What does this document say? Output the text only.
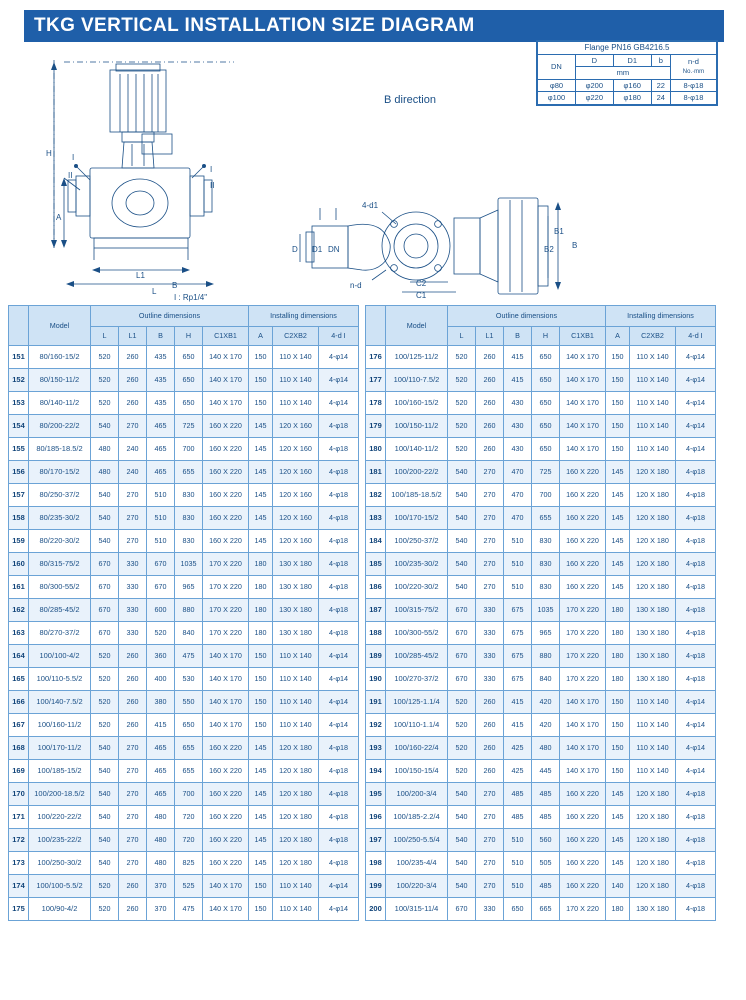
TKG VERTICAL INSTALLATION SIZE DIAGRAM
H
A
L1
L
B
I
II
I
II
B direction
4-d1
n-d
D D1 DN
C2
C1
B2
B1
B
I : Rp1/4"
Flange PN16 GB4216.5				
DN	D	D1	b	n-d
No.·mm
	mm			
φ80	φ200	φ160	22	8-φ18
φ100	φ220	φ180	24	8-φ18
	Model	Outline dimensions					Installing dimensions		
		L	L1	B	H	C1XB1	A	C2XB2	4-d I
151	80/160-15/2	520	260	435	650	140 X 170	150	110 X 140	4-φ14
152	80/150-11/2	520	260	435	650	140 X 170	150	110 X 140	4-φ14
153	80/140-11/2	520	260	435	650	140 X 170	150	110 X 140	4-φ14
154	80/200-22/2	540	270	465	725	160 X 220	145	120 X 160	4-φ18
155	80/185-18.5/2	480	240	465	700	160 X 220	145	120 X 160	4-φ18
156	80/170-15/2	480	240	465	655	160 X 220	145	120 X 160	4-φ18
157	80/250-37/2	540	270	510	830	160 X 220	145	120 X 160	4-φ18
158	80/235-30/2	540	270	510	830	160 X 220	145	120 X 160	4-φ18
159	80/220-30/2	540	270	510	830	160 X 220	145	120 X 160	4-φ18
160	80/315-75/2	670	330	670	1035	170 X 220	180	130 X 180	4-φ18
161	80/300-55/2	670	330	670	965	170 X 220	180	130 X 180	4-φ18
162	80/285-45/2	670	330	600	880	170 X 220	180	130 X 180	4-φ18
163	80/270-37/2	670	330	520	840	170 X 220	180	130 X 180	4-φ18
164	100/100-4/2	520	260	360	475	140 X 170	150	110 X 140	4-φ14
165	100/110-5.5/2	520	260	400	530	140 X 170	150	110 X 140	4-φ14
166	100/140-7.5/2	520	260	380	550	140 X 170	150	110 X 140	4-φ14
167	100/160-11/2	520	260	415	650	140 X 170	150	110 X 140	4-φ14
168	100/170-11/2	540	270	465	655	160 X 220	145	120 X 180	4-φ18
169	100/185-15/2	540	270	465	655	160 X 220	145	120 X 180	4-φ18
170	100/200-18.5/2	540	270	465	700	160 X 220	145	120 X 180	4-φ18
171	100/220-22/2	540	270	480	720	160 X 220	145	120 X 180	4-φ18
172	100/235-22/2	540	270	480	720	160 X 220	145	120 X 180	4-φ18
173	100/250-30/2	540	270	480	825	160 X 220	145	120 X 180	4-φ18
174	100/100-5.5/2	520	260	370	525	140 X 170	150	110 X 140	4-φ14
175	100/90-4/2	520	260	370	475	140 X 170	150	110 X 140	4-φ14
	Model	Outline dimensions					Installing dimensions		
		L	L1	B	H	C1XB1	A	C2XB2	4-d I
176	100/125-11/2	520	260	415	650	140 X 170	150	110 X 140	4-φ14
177	100/110-7.5/2	520	260	415	650	140 X 170	150	110 X 140	4-φ14
178	100/160-15/2	520	260	430	650	140 X 170	150	110 X 140	4-φ14
179	100/150-11/2	520	260	430	650	140 X 170	150	110 X 140	4-φ14
180	100/140-11/2	520	260	430	650	140 X 170	150	110 X 140	4-φ14
181	100/200-22/2	540	270	470	725	160 X 220	145	120 X 180	4-φ18
182	100/185-18.5/2	540	270	470	700	160 X 220	145	120 X 180	4-φ18
183	100/170-15/2	540	270	470	655	160 X 220	145	120 X 180	4-φ18
184	100/250-37/2	540	270	510	830	160 X 220	145	120 X 180	4-φ18
185	100/235-30/2	540	270	510	830	160 X 220	145	120 X 180	4-φ18
186	100/220-30/2	540	270	510	830	160 X 220	145	120 X 180	4-φ18
187	100/315-75/2	670	330	675	1035	170 X 220	180	130 X 180	4-φ18
188	100/300-55/2	670	330	675	965	170 X 220	180	130 X 180	4-φ18
189	100/285-45/2	670	330	675	880	170 X 220	180	130 X 180	4-φ18
190	100/270-37/2	670	330	675	840	170 X 220	180	130 X 180	4-φ18
191	100/125-1.1/4	520	260	415	420	140 X 170	150	110 X 140	4-φ14
192	100/110-1.1/4	520	260	415	420	140 X 170	150	110 X 140	4-φ14
193	100/160-22/4	520	260	425	480	140 X 170	150	110 X 140	4-φ14
194	100/150-15/4	520	260	425	445	140 X 170	150	110 X 140	4-φ14
195	100/200-3/4	540	270	485	485	160 X 220	145	120 X 180	4-φ18
196	100/185-2.2/4	540	270	485	485	160 X 220	145	120 X 180	4-φ18
197	100/250-5.5/4	540	270	510	560	160 X 220	145	120 X 180	4-φ18
198	100/235-4/4	540	270	510	505	160 X 220	145	120 X 180	4-φ18
199	100/220-3/4	540	270	510	485	160 X 220	140	120 X 180	4-φ18
200	100/315-11/4	670	330	650	665	170 X 220	180	130 X 180	4-φ18
